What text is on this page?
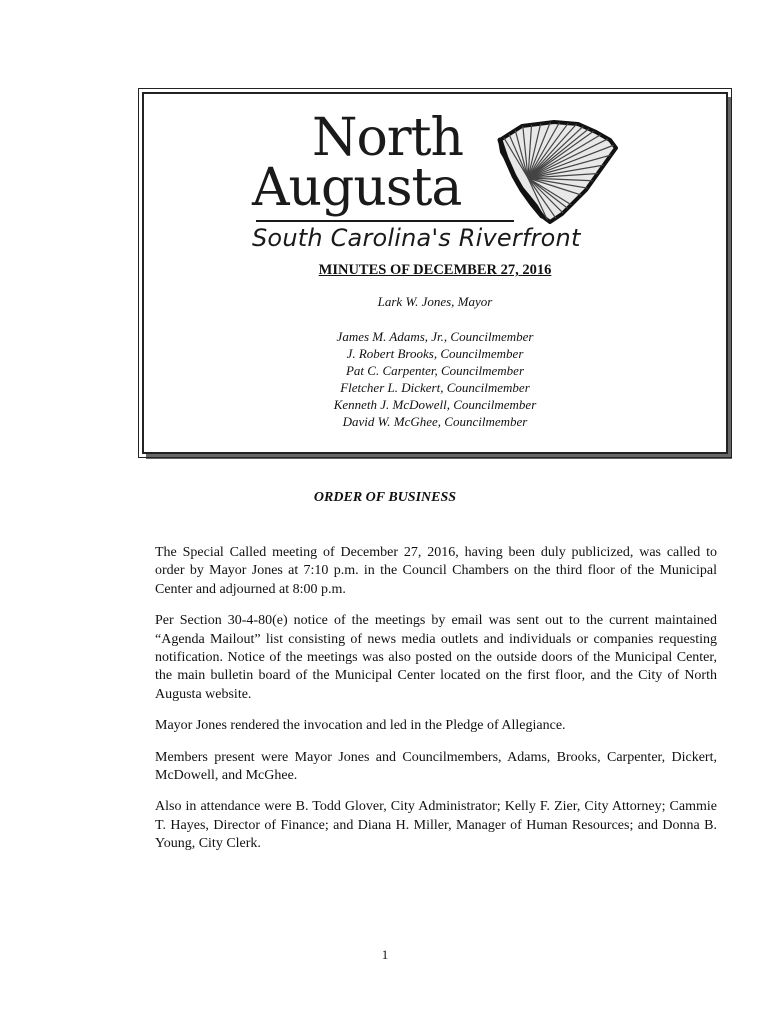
North
Augusta
South Carolina's Riverfront
MINUTES OF DECEMBER 27, 2016
Lark W. Jones, Mayor
James M. Adams, Jr., Councilmember
J. Robert Brooks, Councilmember
Pat C. Carpenter, Councilmember
Fletcher L. Dickert, Councilmember
Kenneth J. McDowell, Councilmember
David W. McGhee, Councilmember
ORDER OF BUSINESS

The Special Called meeting of December 27, 2016, having been duly publicized, was called to order by Mayor Jones at 7:10 p.m. in the Council Chambers on the third floor of the Municipal Center and adjourned at 8:00 p.m.

Per Section 30-4-80(e) notice of the meetings by email was sent out to the current maintained “Agenda Mailout” list consisting of news media outlets and individuals or companies requesting notification. Notice of the meetings was also posted on the outside doors of the Municipal Center, the main bulletin board of the Municipal Center located on the first floor, and the City of North Augusta website.

Mayor Jones rendered the invocation and led in the Pledge of Allegiance.

Members present were Mayor Jones and Councilmembers, Adams, Brooks, Carpenter, Dickert, McDowell, and McGhee.

Also in attendance were B. Todd Glover, City Administrator; Kelly F. Zier, City Attorney; Cammie T. Hayes, Director of Finance; and Diana H. Miller, Manager of Human Resources; and Donna B. Young, City Clerk.

1
